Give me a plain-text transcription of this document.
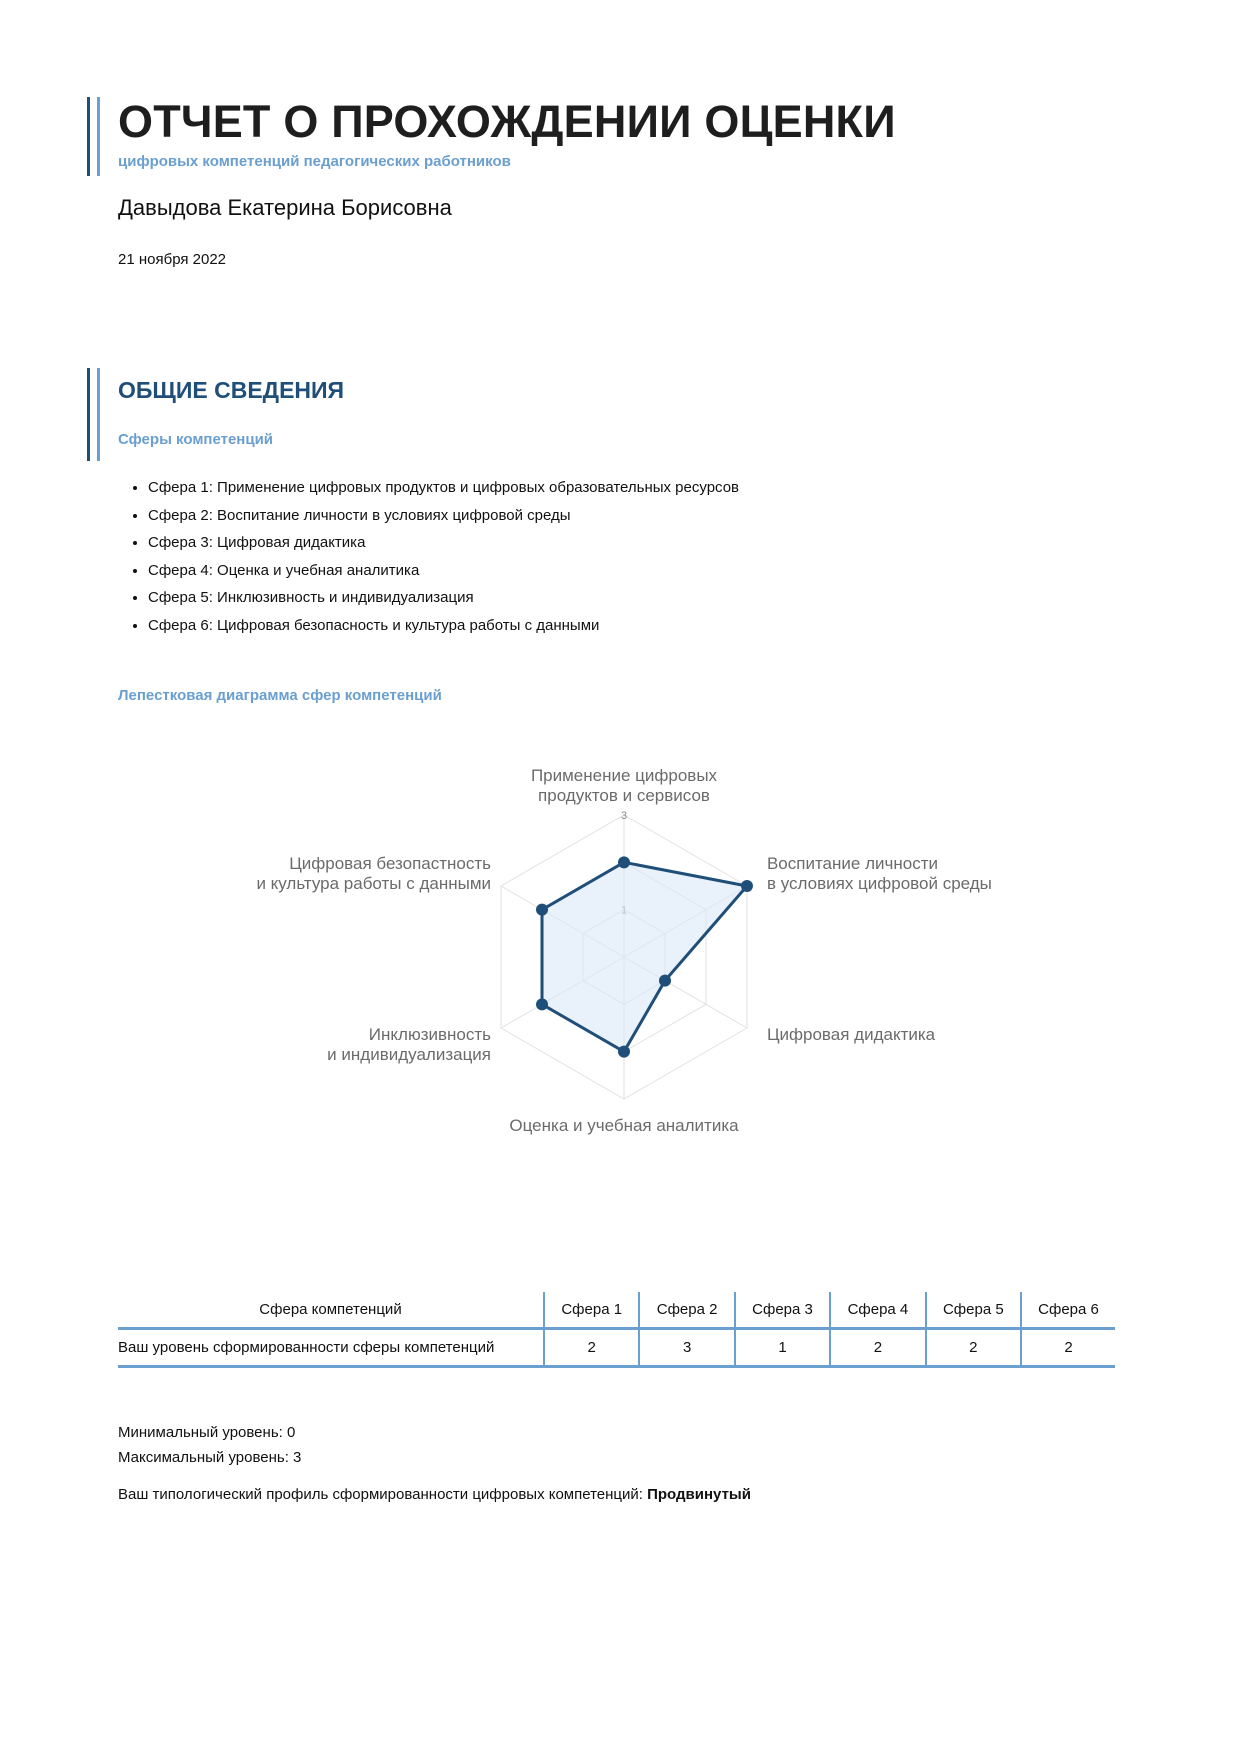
ОТЧЕТ О ПРОХОЖДЕНИИ ОЦЕНКИ
цифровых компетенций педагогических работников
Давыдова Екатерина Борисовна
21 ноября 2022
ОБЩИЕ СВЕДЕНИЯ
Сферы компетенций
• Сфера 1: Применение цифровых продуктов и цифровых образовательных ресурсов
• Сфера 2: Воспитание личности в условиях цифровой среды
• Сфера 3: Цифровая дидактика
• Сфера 4: Оценка и учебная аналитика
• Сфера 5: Инклюзивность и индивидуализация
• Сфера 6: Цифровая безопасность и культура работы с данными
Лепестковая диаграмма сфер компетенций
3
Применение цифровых продуктов и сервисов
Воспитание личности в условиях цифровой среды
Цифровая дидактика
Оценка и учебная аналитика
Инклюзивность и индивидуализация
Цифровая безопастность и культура работы с данными
Сфера компетенций	Сфера 1	Сфера 2	Сфера 3	Сфера 4	Сфера 5	Сфера 6
Ваш уровень сформированности сферы компетенций	2	3	1	2	2	2
Минимальный уровень: 0
Максимальный уровень: 3
Ваш типологический профиль сформированности цифровых компетенций: Продвинутый
